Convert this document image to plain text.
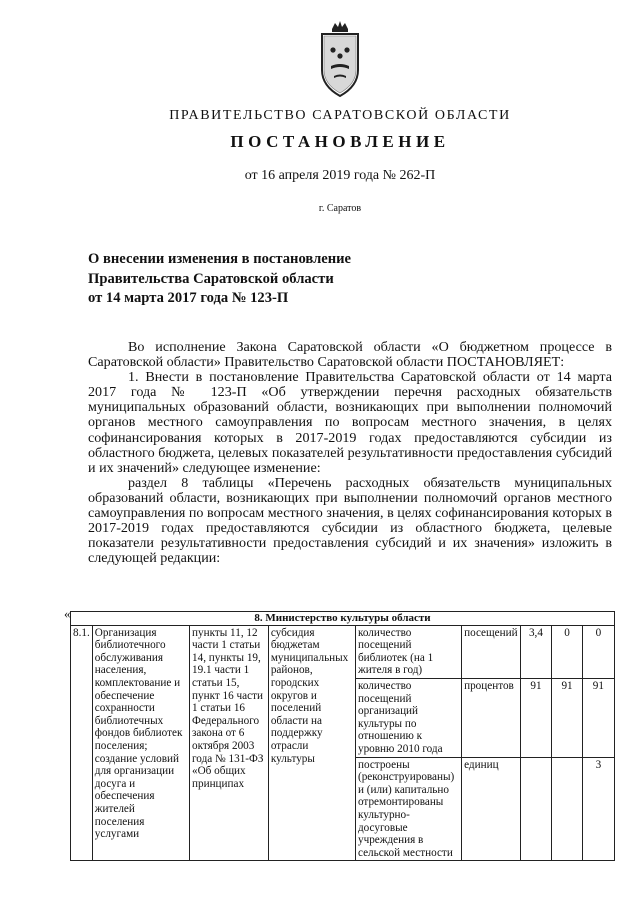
ПРАВИТЕЛЬСТВО САРАТОВСКОЙ ОБЛАСТИ
ПОСТАНОВЛЕНИЕ
от 16 апреля 2019 года № 262-П
г. Саратов
О внесении изменения в постановление
Правительства Саратовской области
от 14 марта 2017 года № 123-П

Во исполнение Закона Саратовской области «О бюджетном процессе в Саратовской области» Правительство Саратовской области ПОСТАНОВЛЯЕТ:

1. Внести в постановление Правительства Саратовской области от 14 марта 2017 года № 123-П «Об утверждении перечня расходных обязательств муниципальных образований области, возникающих при выполнении полномочий органов местного самоуправления по вопросам местного значения, в целях софинансирования которых в 2017-2019 годах предоставляются субсидии из областного бюджета, целевых показателей результативности предоставления субсидий и их значений» следующее изменение:

раздел 8 таблицы «Перечень расходных обязательств муниципальных образований области, возникающих при выполнении полномочий органов местного самоуправления по вопросам местного значения, в целях софинансирования которых в 2017-2019 годах предоставляются субсидии из областного бюджета, целевые показатели результативности предоставления субсидий и их значения» изложить в следующей редакции:

«	8. Министерство культуры области								
8.1.	Организация библиотечного обслуживания населения, комплектование и обеспечение сохранности библиотечных фондов библиотек поселения; создание условий для организации досуга и обеспечения жителей поселения услугами	пункты 11, 12 части 1 статьи 14, пункты 19, 19.1 части 1 статьи 15, пункт 16 части 1 статьи 16 Федерального закона от 6 октября 2003 года № 131-ФЗ «Об общих принципах	субсидия бюджетам муниципальных районов, городских округов и поселений области на поддержку отрасли культуры	количество посещений библиотек (на 1 жителя в год)	посещений	3,4	0	0
				количество посещений организаций культуры по отношению к уровню 2010 года	процентов	91	91	91
				построены (реконструированы) и (или) капитально отремонтированы культурно-досуговые учреждения в сельской местности	единиц			3
